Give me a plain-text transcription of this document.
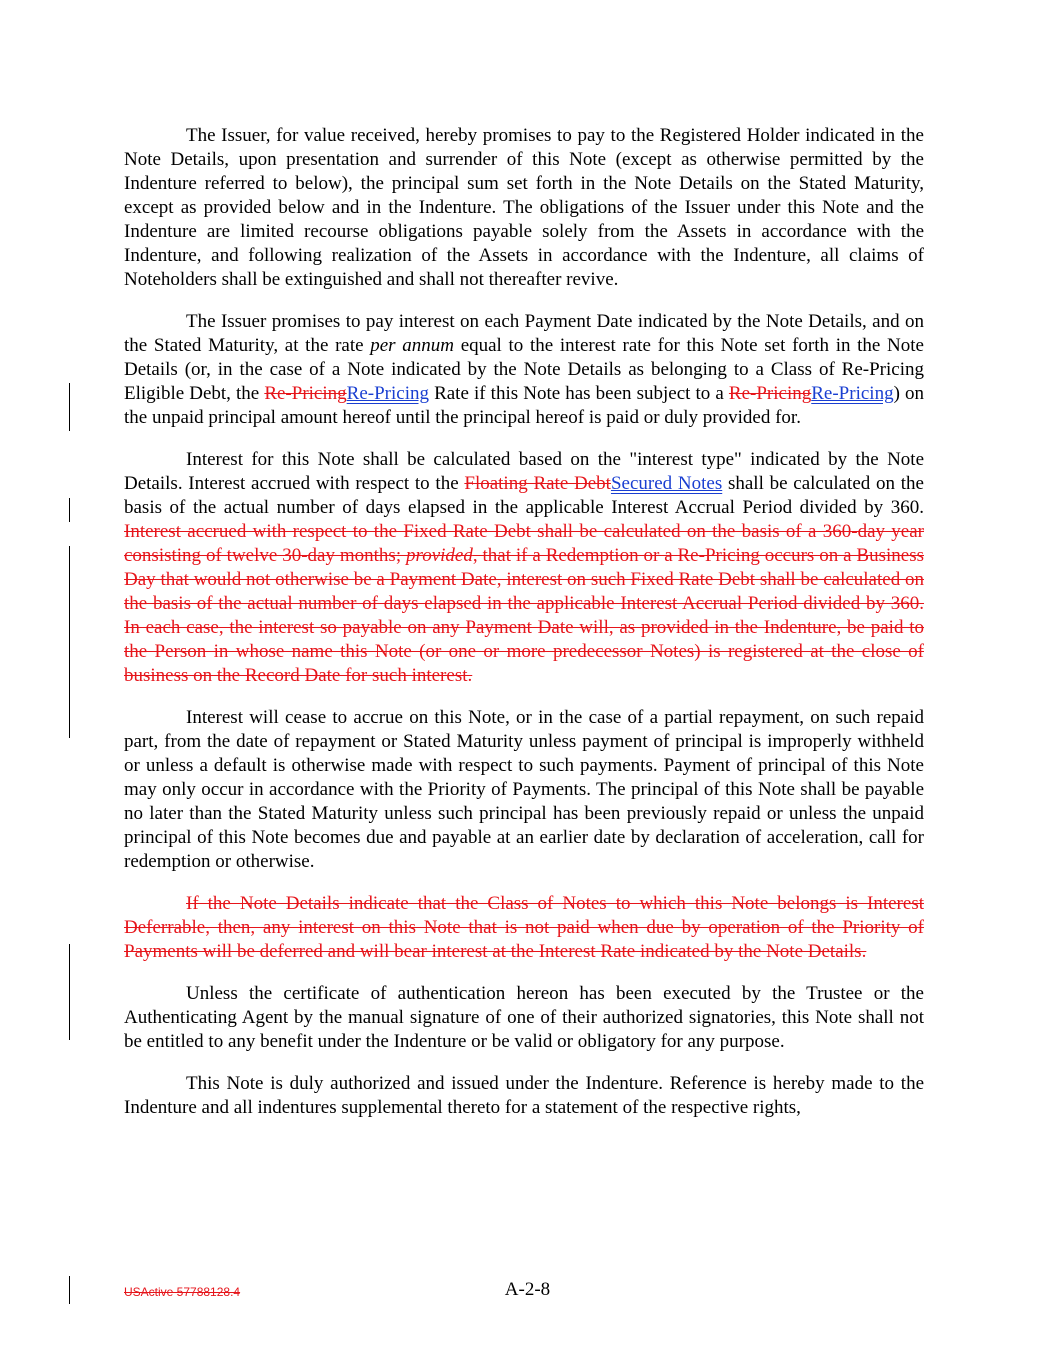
The Issuer, for value received, hereby promises to pay to the Registered Holder indicated in the Note Details, upon presentation and surrender of this Note (except as otherwise permitted by the Indenture referred to below), the principal sum set forth in the Note Details on the Stated Maturity, except as provided below and in the Indenture. The obligations of the Issuer under this Note and the Indenture are limited recourse obligations payable solely from the Assets in accordance with the Indenture, and following realization of the Assets in accordance with the Indenture, all claims of Noteholders shall be extinguished and shall not thereafter revive.

The Issuer promises to pay interest on each Payment Date indicated by the Note Details, and on the Stated Maturity, at the rate per annum equal to the interest rate for this Note set forth in the Note Details (or, in the case of a Note indicated by the Note Details as belonging to a Class of Re-Pricing Eligible Debt, the Re-PricingRe-Pricing Rate if this Note has been subject to a Re-PricingRe-Pricing) on the unpaid principal amount hereof until the principal hereof is paid or duly provided for.

Interest for this Note shall be calculated based on the "interest type" indicated by the Note Details. Interest accrued with respect to the Floating Rate DebtSecured Notes shall be calculated on the basis of the actual number of days elapsed in the applicable Interest Accrual Period divided by 360. Interest accrued with respect to the Fixed Rate Debt shall be calculated on the basis of a 360-day year consisting of twelve 30-day months; provided, that if a Redemption or a Re-Pricing occurs on a Business Day that would not otherwise be a Payment Date, interest on such Fixed Rate Debt shall be calculated on the basis of the actual number of days elapsed in the applicable Interest Accrual Period divided by 360. In each case, the interest so payable on any Payment Date will, as provided in the Indenture, be paid to the Person in whose name this Note (or one or more predecessor Notes) is registered at the close of business on the Record Date for such interest.

Interest will cease to accrue on this Note, or in the case of a partial repayment, on such repaid part, from the date of repayment or Stated Maturity unless payment of principal is improperly withheld or unless a default is otherwise made with respect to such payments. Payment of principal of this Note may only occur in accordance with the Priority of Payments. The principal of this Note shall be payable no later than the Stated Maturity unless such principal has been previously repaid or unless the unpaid principal of this Note becomes due and payable at an earlier date by declaration of acceleration, call for redemption or otherwise.

If the Note Details indicate that the Class of Notes to which this Note belongs is Interest Deferrable, then, any interest on this Note that is not paid when due by operation of the Priority of Payments will be deferred and will bear interest at the Interest Rate indicated by the Note Details.

Unless the certificate of authentication hereon has been executed by the Trustee or the Authenticating Agent by the manual signature of one of their authorized signatories, this Note shall not be entitled to any benefit under the Indenture or be valid or obligatory for any purpose.

This Note is duly authorized and issued under the Indenture. Reference is hereby made to the Indenture and all indentures supplemental thereto for a statement of the respective rights,

USActive 57788128.4	A-2-8
